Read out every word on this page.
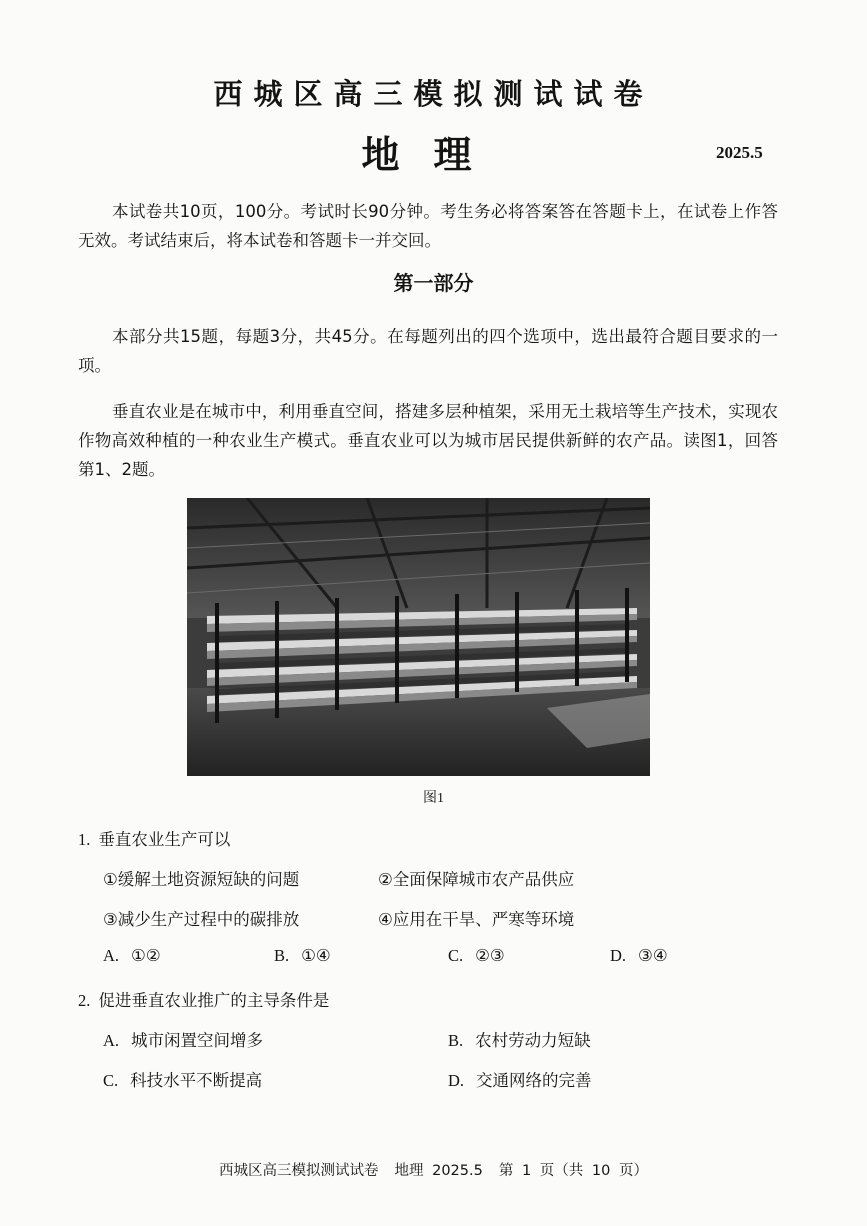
西城区高三模拟测试试卷
地理	2025.5
本试卷共10页，100分。考试时长90分钟。考生务必将答案答在答题卡上，在试卷上作答无效。考试结束后，将本试卷和答题卡一并交回。
第一部分
本部分共15题，每题3分，共45分。在每题列出的四个选项中，选出最符合题目要求的一项。
垂直农业是在城市中，利用垂直空间，搭建多层种植架，采用无土栽培等生产技术，实现农作物高效种植的一种农业生产模式。垂直农业可以为城市居民提供新鲜的农产品。读图1，回答第1、2题。
图1
1. 垂直农业生产可以
①缓解土地资源短缺的问题	②全面保障城市农产品供应
③减少生产过程中的碳排放	④应用在干旱、严寒等环境
A. ①②	B. ①④	C. ②③	D. ③④
2. 促进垂直农业推广的主导条件是
A. 城市闲置空间增多	B. 农村劳动力短缺
C. 科技水平不断提高	D. 交通网络的完善
西城区高三模拟测试试卷 地理 2025.5 第 1 页（共 10 页）
